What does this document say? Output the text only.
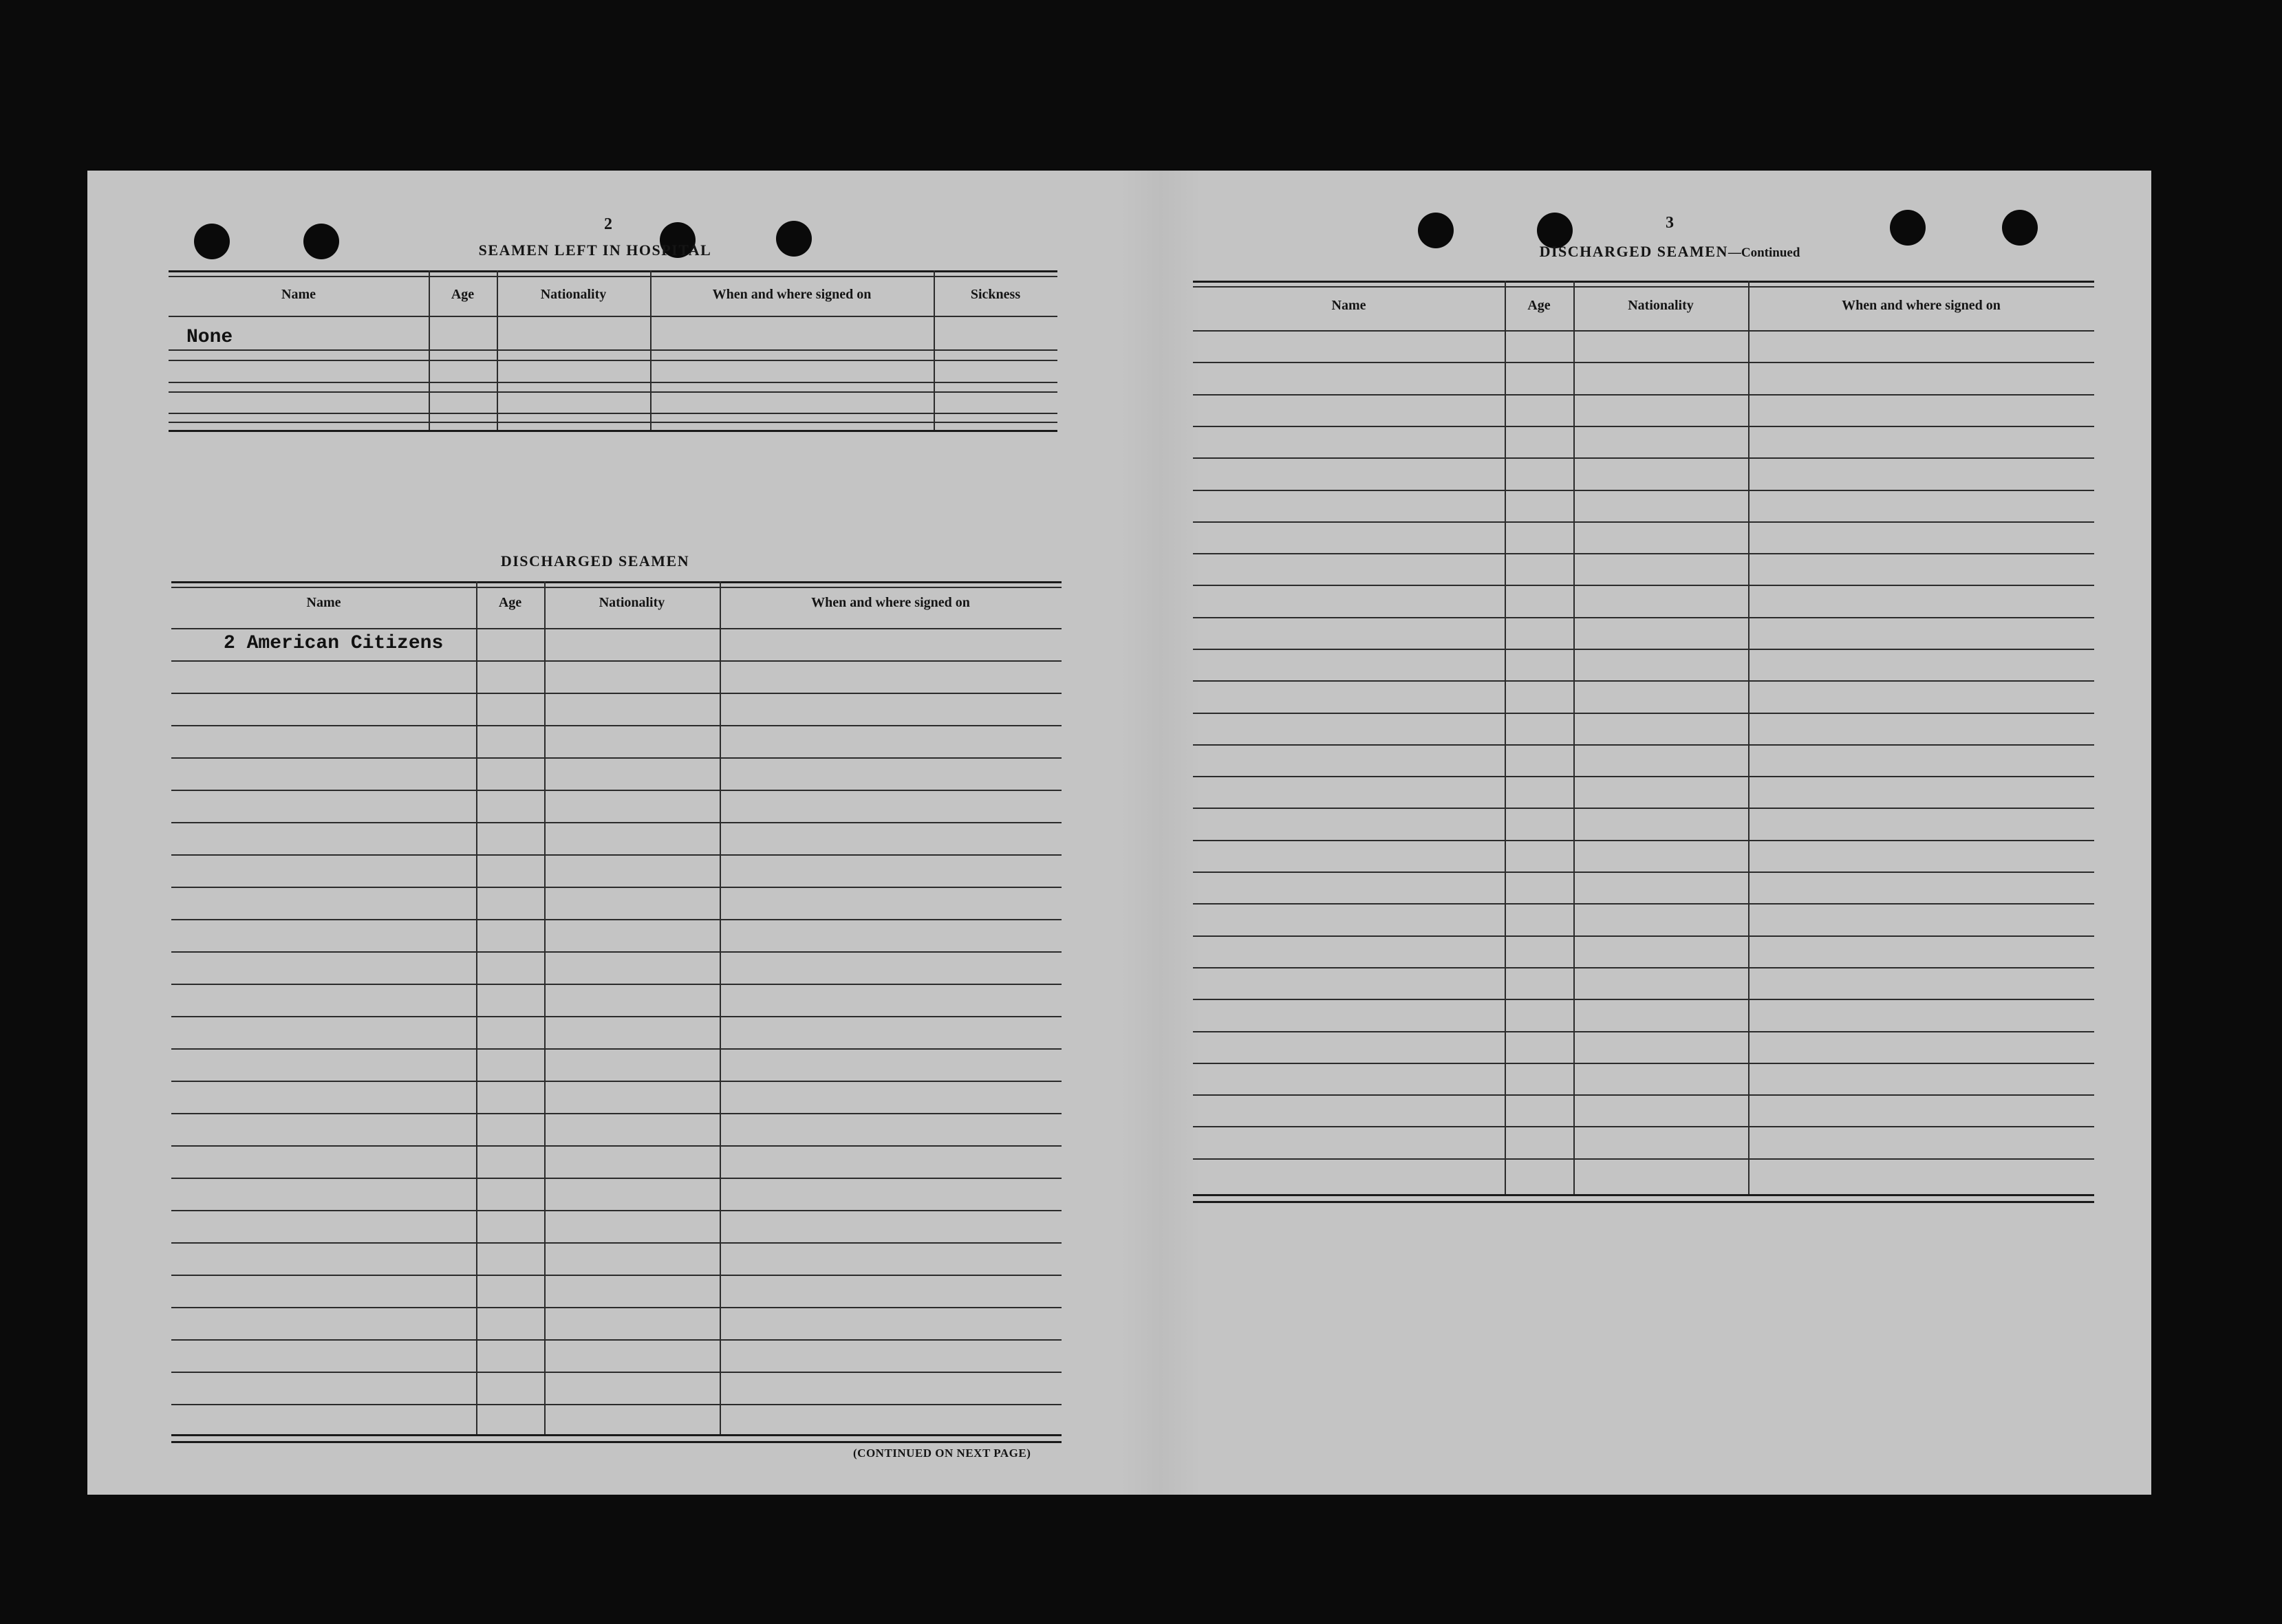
2
SEAMEN LEFT IN HOSPITAL
Name	Age	Nationality	When and where signed on	Sickness
None
DISCHARGED SEAMEN
Name	Age	Nationality	When and where signed on
2 American Citizens
(CONTINUED ON NEXT PAGE)
3
DISCHARGED SEAMEN—Continued
Name	Age	Nationality	When and where signed on
